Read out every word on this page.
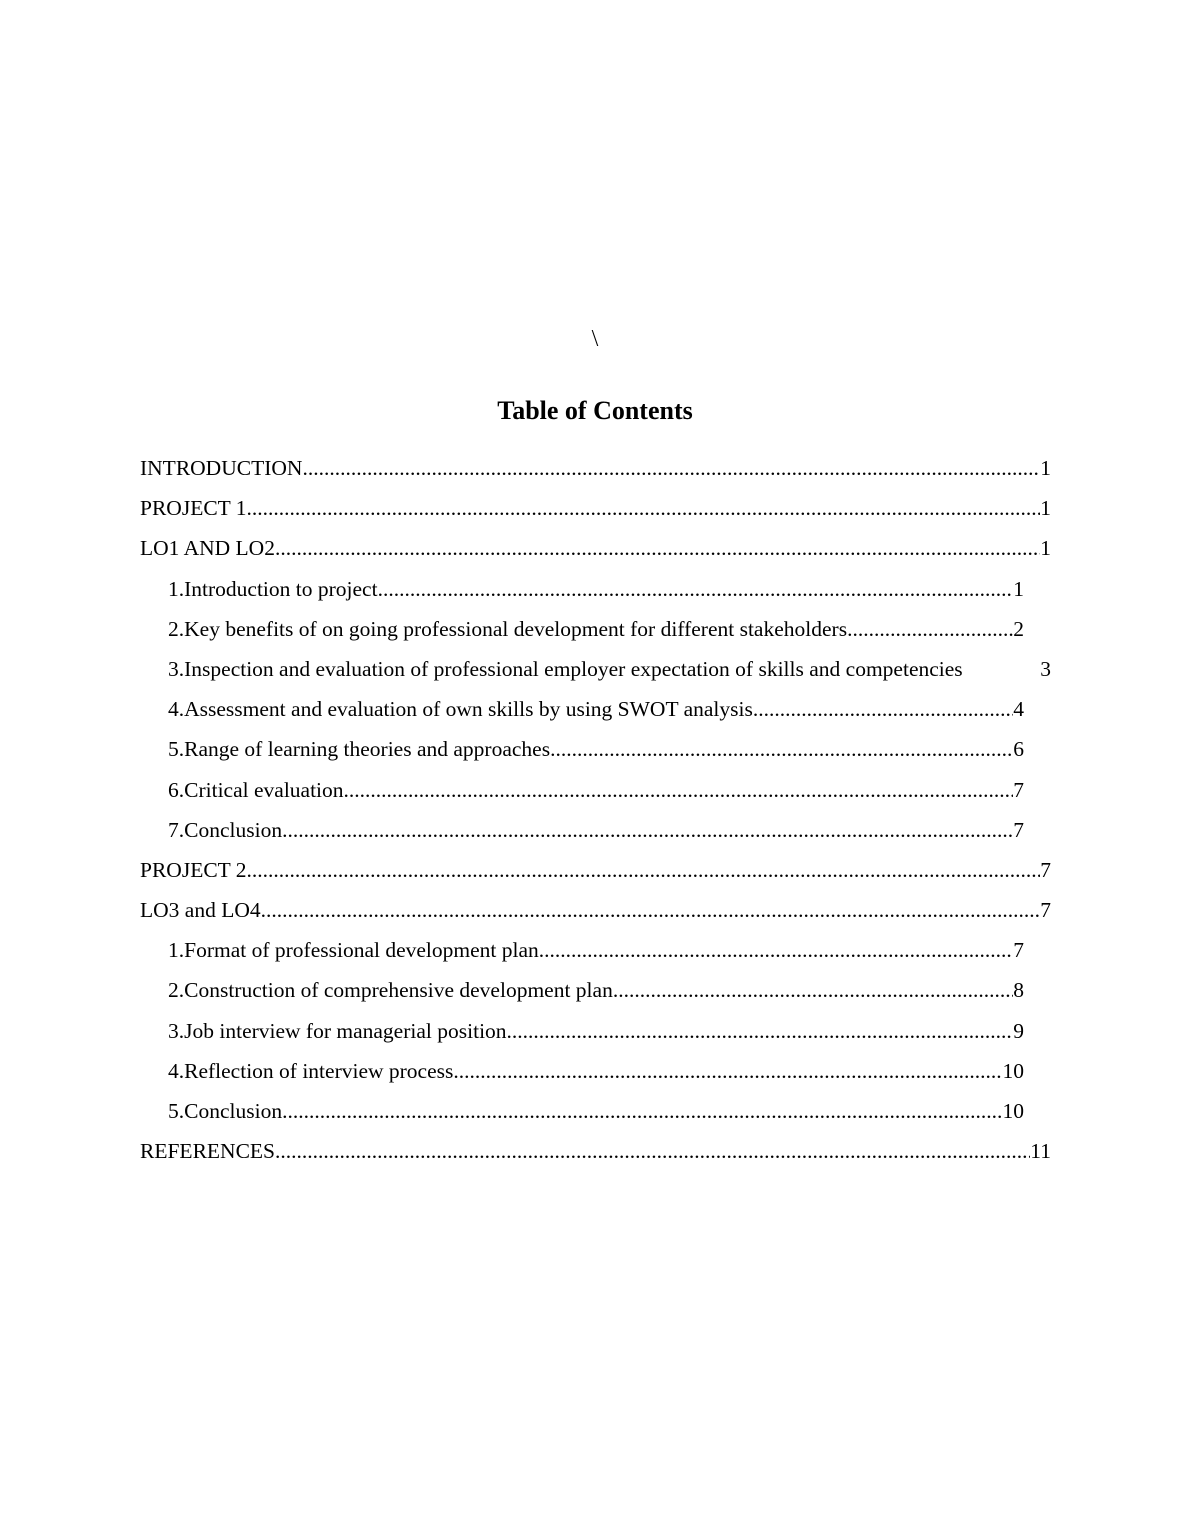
\
Table of Contents
INTRODUCTION .....	1
PROJECT 1 .....	1
LO1 AND LO2 .....	1
1.Introduction to project .....	1
2.Key benefits of on going professional development for different stakeholders .....	2
3.Inspection and evaluation of professional employer expectation of skills and competencies	3
4.Assessment and evaluation of own skills by using SWOT analysis .....	4
5.Range of learning theories and approaches .....	6
6.Critical evaluation .....	7
7.Conclusion .....	7
PROJECT 2 .....	7
LO3 and LO4 .....	7
1.Format of professional development plan .....	7
2.Construction of comprehensive development plan .....	8
3.Job interview for managerial position .....	9
4.Reflection of interview process .....	10
5.Conclusion .....	10
REFERENCES .....	11
